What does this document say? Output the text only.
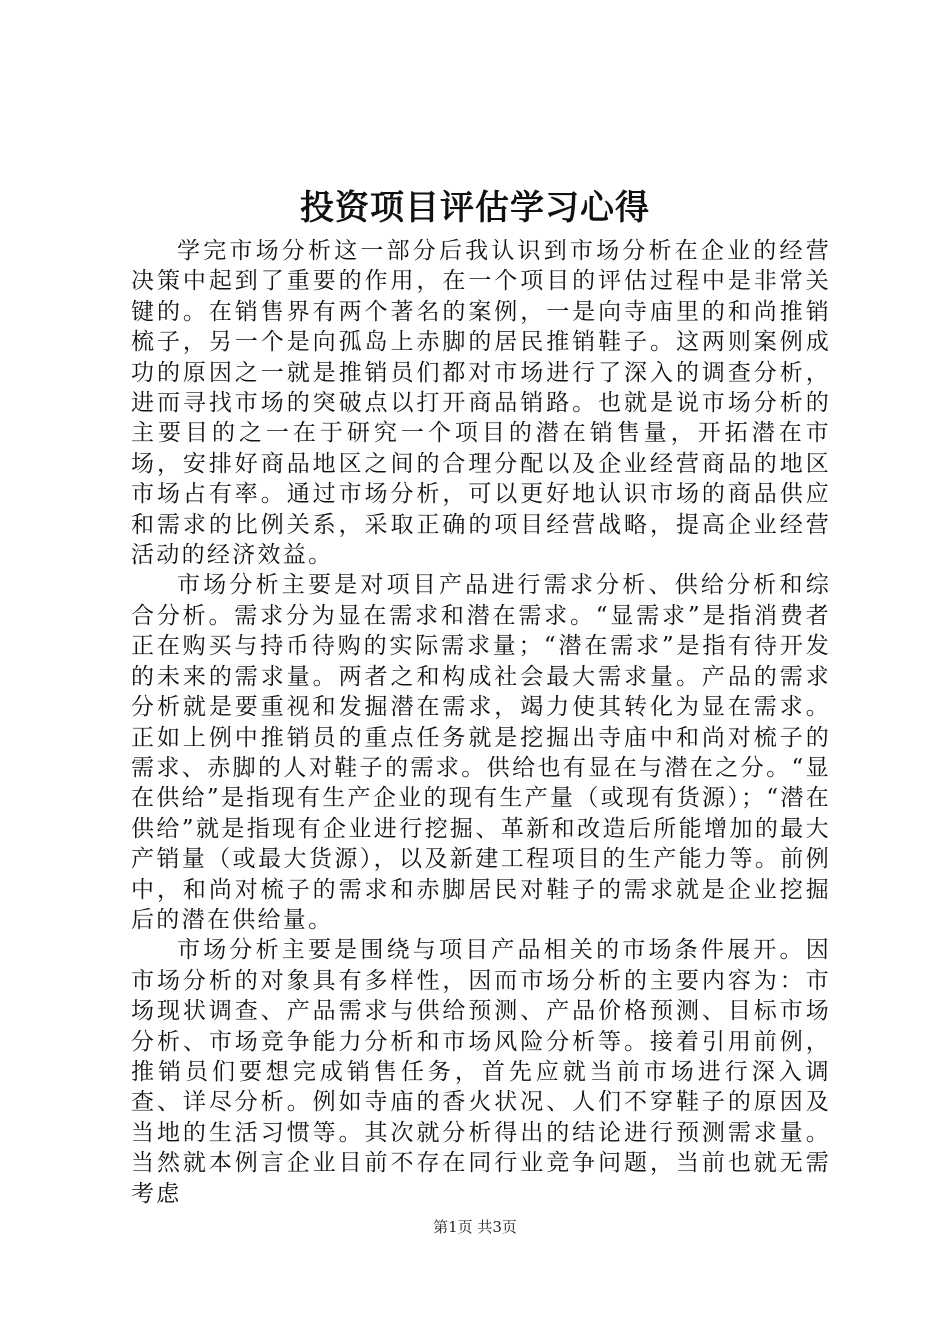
投资项目评估学习心得

学完市场分析这一部分后我认识到市场分析在企业的经营决策中起到了重要的作用，在一个项目的评估过程中是非常关键的。在销售界有两个著名的案例，一是向寺庙里的和尚推销梳子，另一个是向孤岛上赤脚的居民推销鞋子。这两则案例成功的原因之一就是推销员们都对市场进行了深入的调查分析，进而寻找市场的突破点以打开商品销路。也就是说市场分析的主要目的之一在于研究一个项目的潜在销售量，开拓潜在市场，安排好商品地区之间的合理分配以及企业经营商品的地区市场占有率。通过市场分析，可以更好地认识市场的商品供应和需求的比例关系，采取正确的项目经营战略，提高企业经营活动的经济效益。

市场分析主要是对项目产品进行需求分析、供给分析和综合分析。需求分为显在需求和潜在需求。“显需求”是指消费者正在购买与持币待购的实际需求量；“潜在需求”是指有待开发的未来的需求量。两者之和构成社会最大需求量。产品的需求分析就是要重视和发掘潜在需求，竭力使其转化为显在需求。正如上例中推销员的重点任务就是挖掘出寺庙中和尚对梳子的需求、赤脚的人对鞋子的需求。供给也有显在与潜在之分。“显在供给”是指现有生产企业的现有生产量（或现有货源）；“潜在供给”就是指现有企业进行挖掘、革新和改造后所能增加的最大产销量（或最大货源），以及新建工程项目的生产能力等。前例中，和尚对梳子的需求和赤脚居民对鞋子的需求就是企业挖掘后的潜在供给量。

市场分析主要是围绕与项目产品相关的市场条件展开。因市场分析的对象具有多样性，因而市场分析的主要内容为：市场现状调查、产品需求与供给预测、产品价格预测、目标市场分析、市场竞争能力分析和市场风险分析等。接着引用前例，推销员们要想完成销售任务，首先应就当前市场进行深入调查、详尽分析。例如寺庙的香火状况、人们不穿鞋子的原因及当地的生活习惯等。其次就分析得出的结论进行预测需求量。当然就本例言企业目前不存在同行业竞争问题，当前也就无需考虑

第1页 共3页
